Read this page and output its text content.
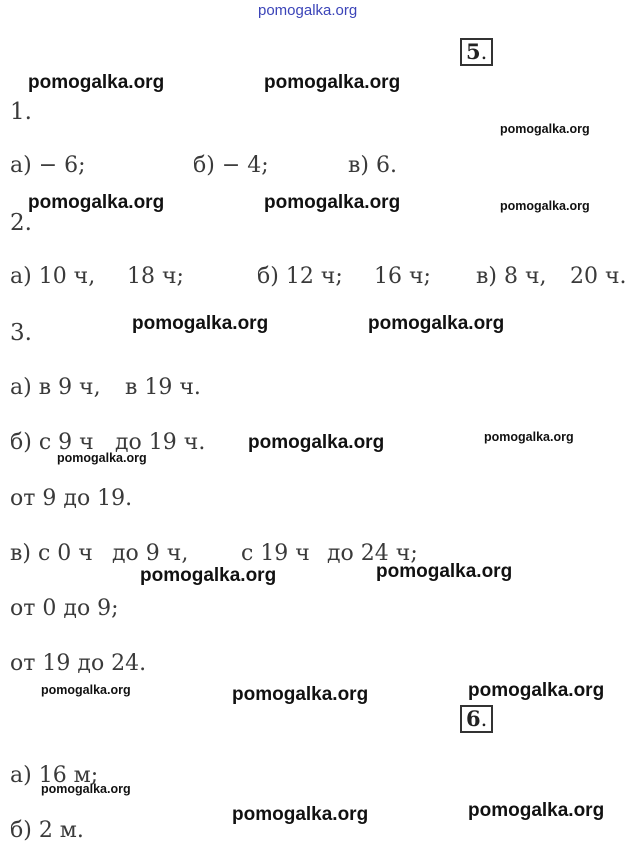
pomogalka.org
5.
1.
а) − 6;	б) − 4;	в) 6.
2.
а) 10 ч, 18 ч;	б) 12 ч; 16 ч; в) 8 ч, 20 ч.
3.
а) в 9 ч, в 19 ч.
б) с 9 ч до 19 ч.
от 9 до 19.
в) с 0 ч до 9 ч, с 19 ч до 24 ч;
от 0 до 9;
от 19 до 24.
6.
а) 16 м;
б) 2 м.
pomogalka.org	pomogalka.org
pomogalka.org	pomogalka.org
pomogalka.org	pomogalka.org
pomogalka.org
pomogalka.org	pomogalka.org
pomogalka.org	pomogalka.org
pomogalka.org	pomogalka.org
pomogalka.org
pomogalka.org
pomogalka.org
pomogalka.org
pomogalka.org
pomogalka.org
